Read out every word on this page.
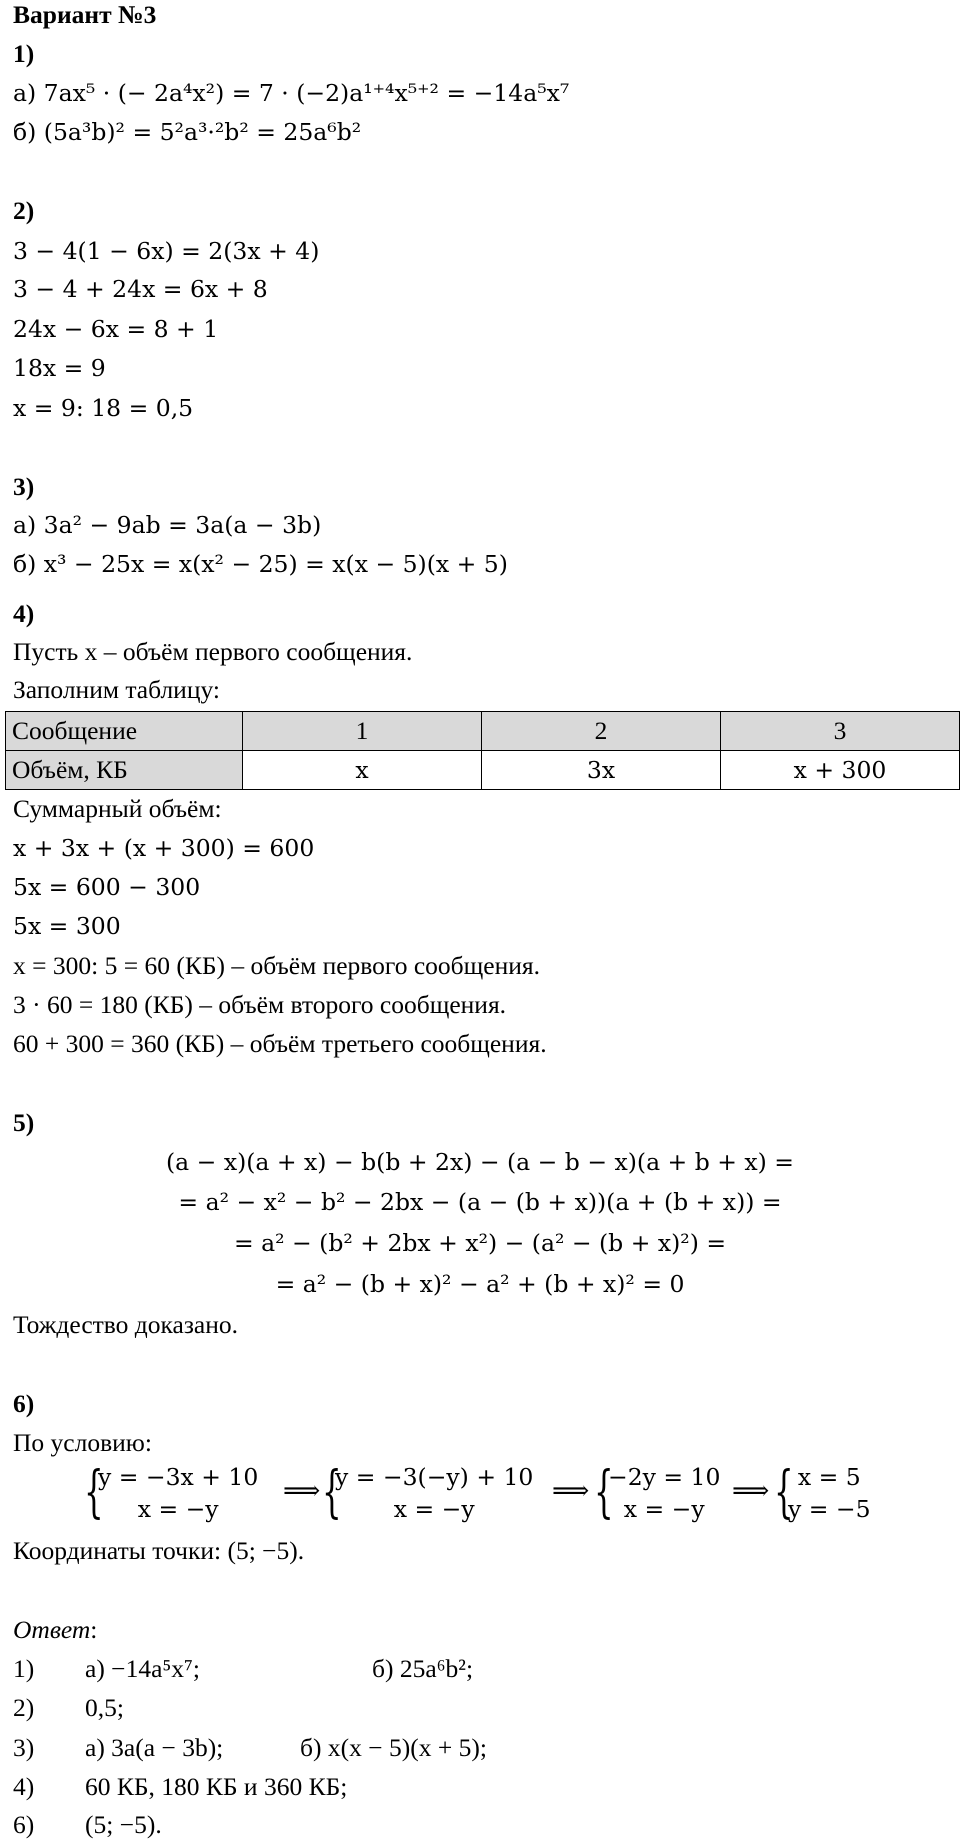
Вариант №3
1)
а) 7ax⁵ · (− 2a⁴x²) = 7 · (−2)a¹⁺⁴x⁵⁺² = −14a⁵x⁷
б) (5a³b)² = 5²a³·²b² = 25a⁶b²
2)
3 − 4(1 − 6x) = 2(3x + 4)
3 − 4 + 24x = 6x + 8
24x − 6x = 8 + 1
18x = 9
x = 9: 18 = 0,5
3)
а) 3a² − 9ab = 3a(a − 3b)
б) x³ − 25x = x(x² − 25) = x(x − 5)(x + 5)
4)
Пусть x – объём первого сообщения.
Заполним таблицу:
Сообщение	1	2	3
Объём, КБ	x	3x	x + 300
Суммарный объём:
x + 3x + (x + 300) = 600
5x = 600 − 300
5x = 300
x = 300: 5 = 60 (КБ) – объём первого сообщения.
3 · 60 = 180 (КБ) – объём второго сообщения.
60 + 300 = 360 (КБ) – объём третьего сообщения.
5)
(a − x)(a + x) − b(b + 2x) − (a − b − x)(a + b + x) =
= a² − x² − b² − 2bx − (a − (b + x))(a + (b + x)) =
= a² − (b² + 2bx + x²) − (a² − (b + x)²) =
= a² − (b + x)² − a² + (b + x)² = 0
Тождество доказано.
6)
По условию:
{
y = −3x + 10
x = −y
⟹ {
y = −3(−y) + 10
x = −y
⟹ {
−2y = 10
x = −y
⟹ { x = 5
y = −5
Координаты точки: (5; −5).
Ответ:
1) а) −14a⁵x⁷;	б) 25a⁶b²;
2) 0,5;
3) а) 3a(a − 3b);	б) x(x − 5)(x + 5);
4) 60 КБ, 180 КБ и 360 КБ;
6) (5; −5).
